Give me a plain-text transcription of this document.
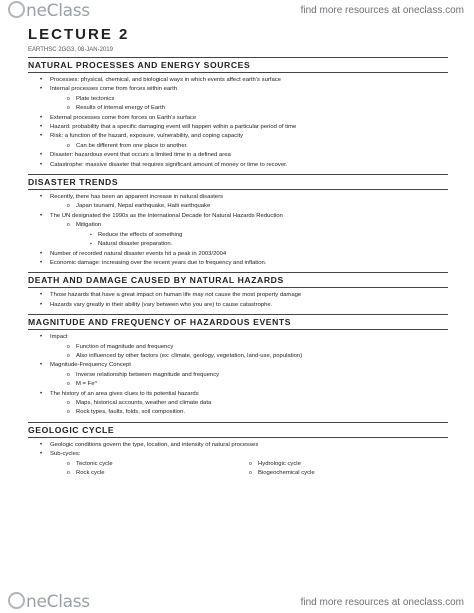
neClass	find more resources at oneclass.com
LECTURE 2
EARTHSC 2GG3, 08-JAN-2019
NATURAL PROCESSES AND ENERGY SOURCES
• Processes: physical, chemical, and biological ways in which events affect earth’s surface
• Internal processes come from forces within earth
o Plate tectonics
o Results of internal energy of Earth
• External processes come from forces on Earth’s surface
• Hazard: probability that a specific damaging event will happen within a particular period of time
• Risk: a function of the hazard, exposure, vulnerability, and coping capacity
o Can be different from one place to another.
• Disaster: hazardous event that occurs a limited time in a defined area
• Catastrophe: massive disaster that requires significant amount of money or time to recover.
DISASTER TRENDS
• Recently, there has been an apparent increase in natural disasters
o Japan tsunami, Nepal earthquake, Haiti earthquake
• The UN designated the 1990s as the International Decade for Natural Hazards Reduction
o Mitigation
▪ Reduce the effects of something
▪ Natural disaster preparation.
• Number of recorded natural disaster events hit a peak in 2003/2004
• Economic damage: increasing over the recent years due to frequency and inflation.
DEATH AND DAMAGE CAUSED BY NATURAL HAZARDS
• Those hazards that have a great impact on human life may not cause the most property damage
• Hazards vary greatly in their ability (vary between who you are) to cause catastrophe.
MAGNITUDE AND FREQUENCY OF HAZARDOUS EVENTS
• Impact
o Function of magnitude and frequency
o Also influenced by other factors (ex: climate, geology, vegetation, land-use, population)
• Magnitude-Frequency Concept
o Inverse relationship between magnitude and frequency
o M = Fe^
• The history of an area gives clues to its potential hazards
o Maps, historical accounts, weather and climate data
o Rock types, faults, folds, soil composition.
GEOLOGIC CYCLE
• Geologic conditions govern the type, location, and intensity of natural processes
• Sub-cycles:
o Tectonic cycle
o Rock cycle
o Hydrologic cycle
o Biogeochemical cycle
neClass	find more resources at oneclass.com
